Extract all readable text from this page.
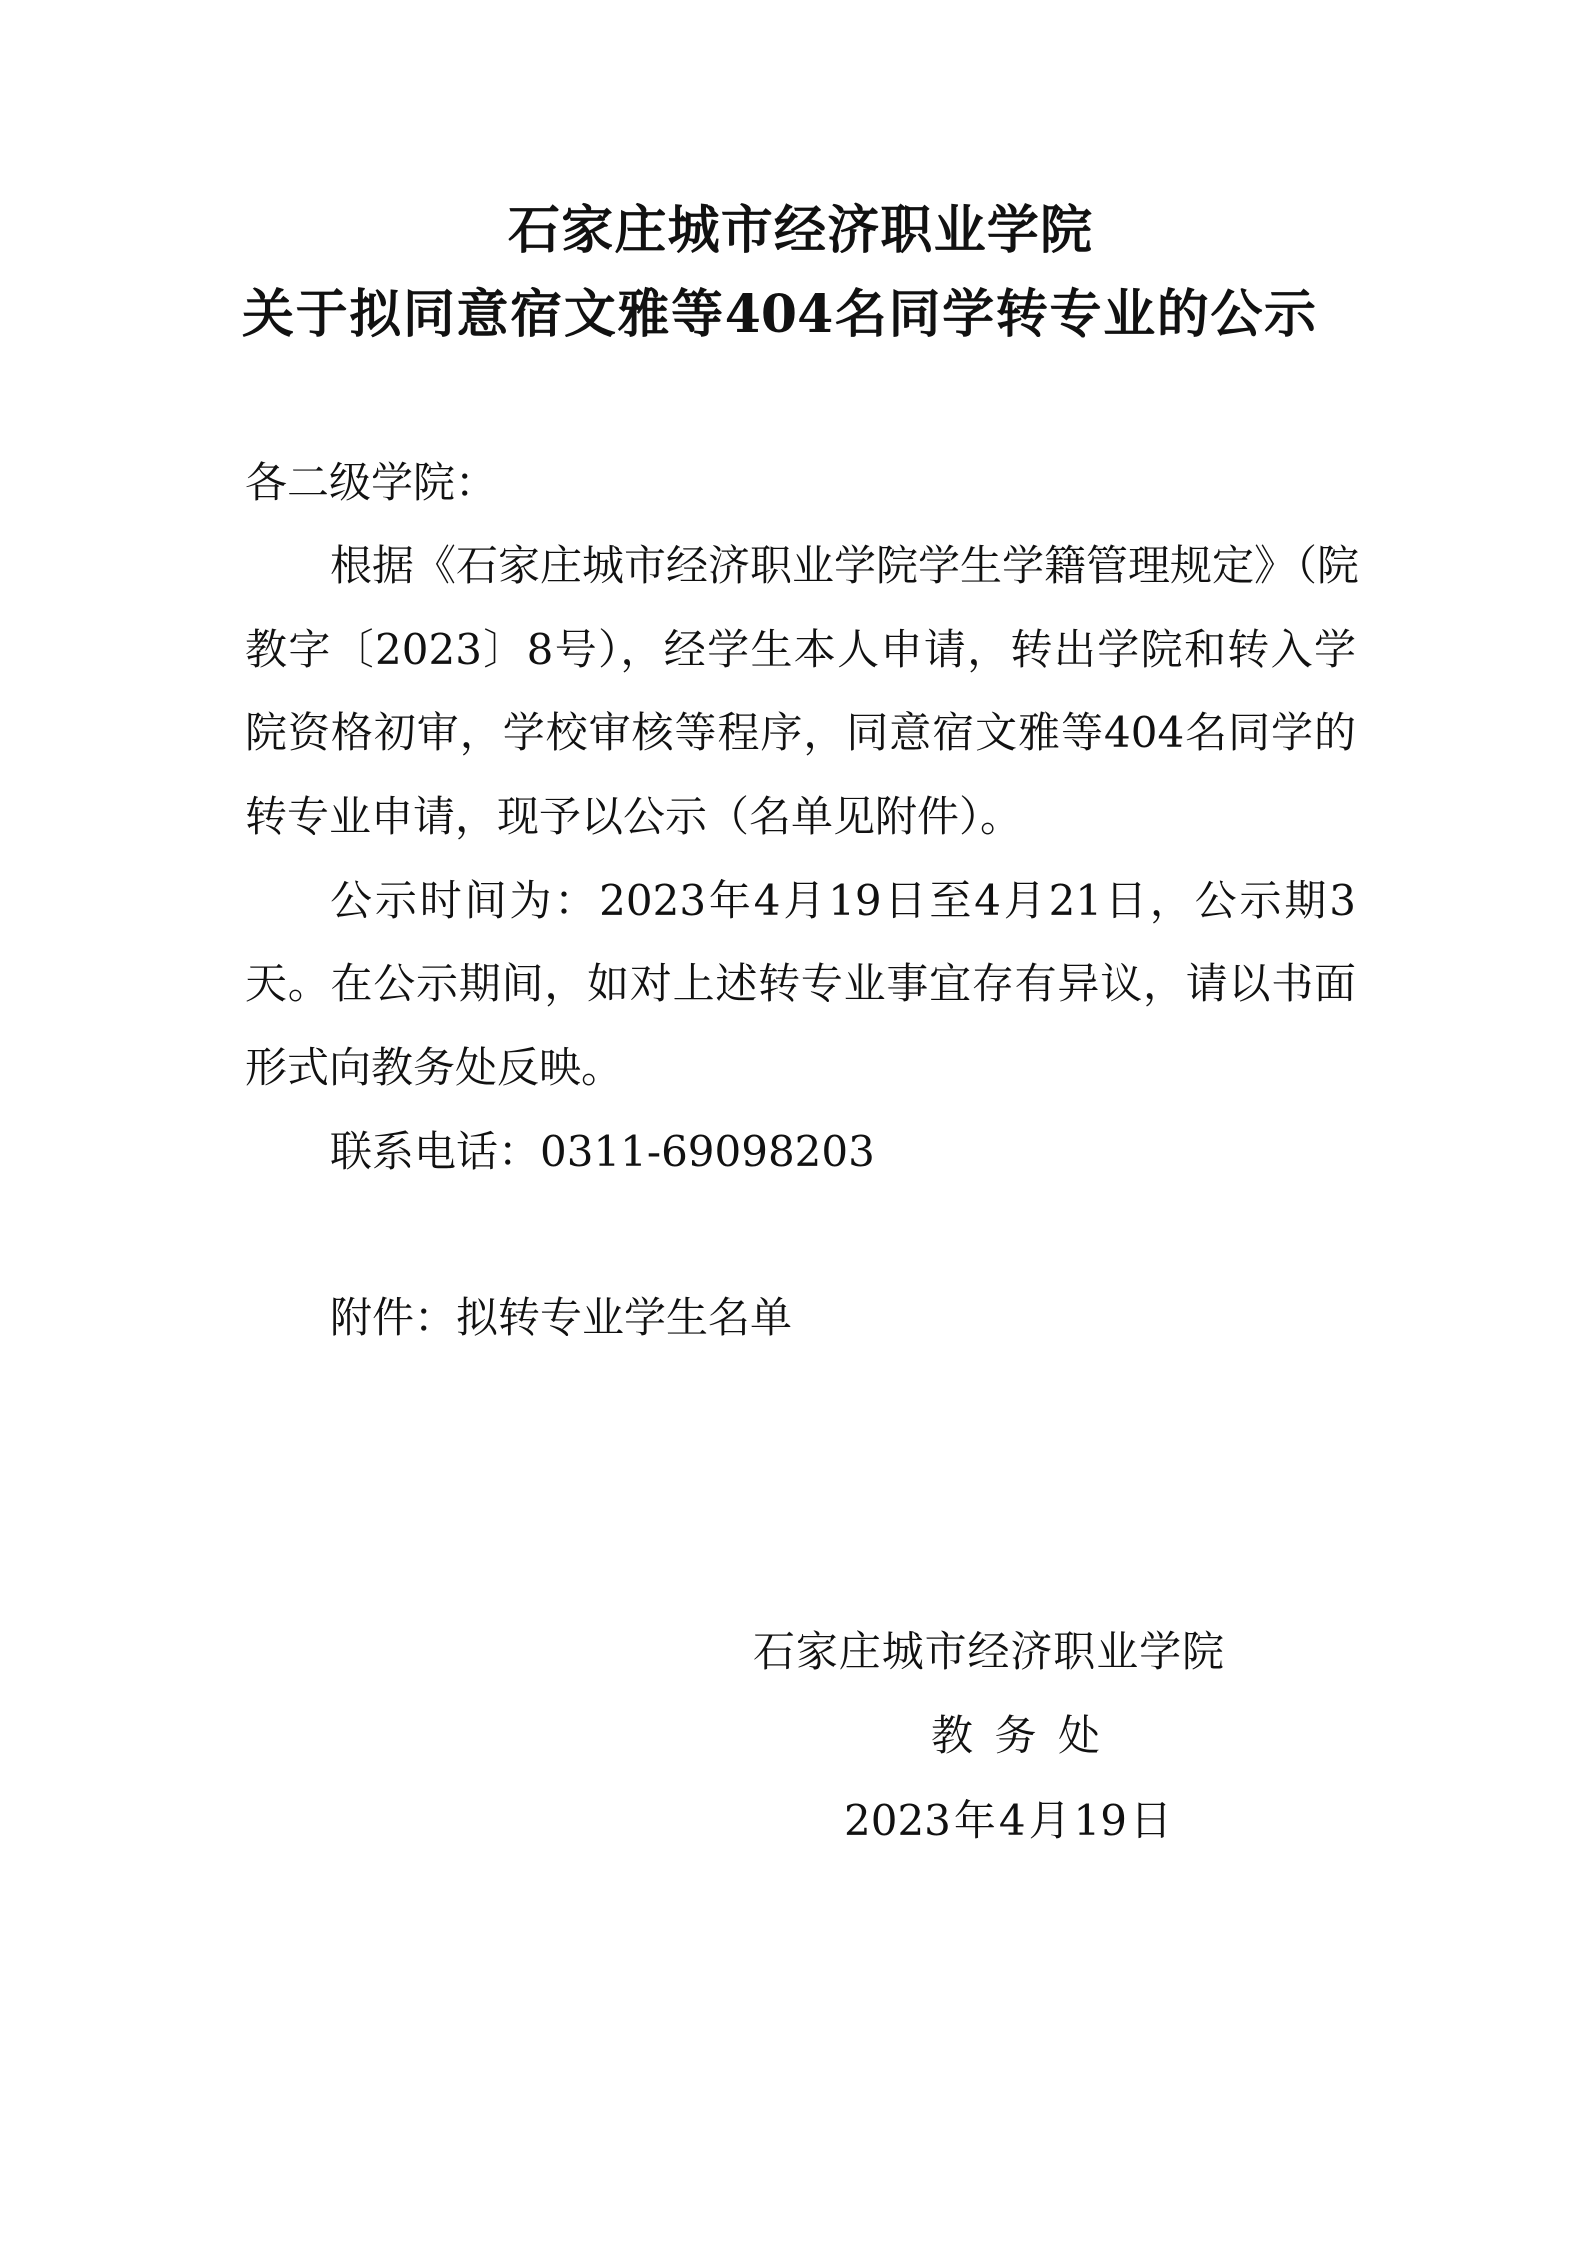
石家庄城市经济职业学院
关于拟同意宿文雅等404名同学转专业的公示
各二级学院：
根据《石家庄城市经济职业学院学生学籍管理规定》（院
教字〔2023〕8号），经学生本人申请，转出学院和转入学
院资格初审，学校审核等程序，同意宿文雅等404名同学的
转专业申请，现予以公示（名单见附件）。
公示时间为：2023年4月19日至4月21日，公示期3
天。在公示期间，如对上述转专业事宜存有异议，请以书面
形式向教务处反映。
联系电话：0311-69098203
附件：拟转专业学生名单
石家庄城市经济职业学院
教 务 处
2023年4月19日
